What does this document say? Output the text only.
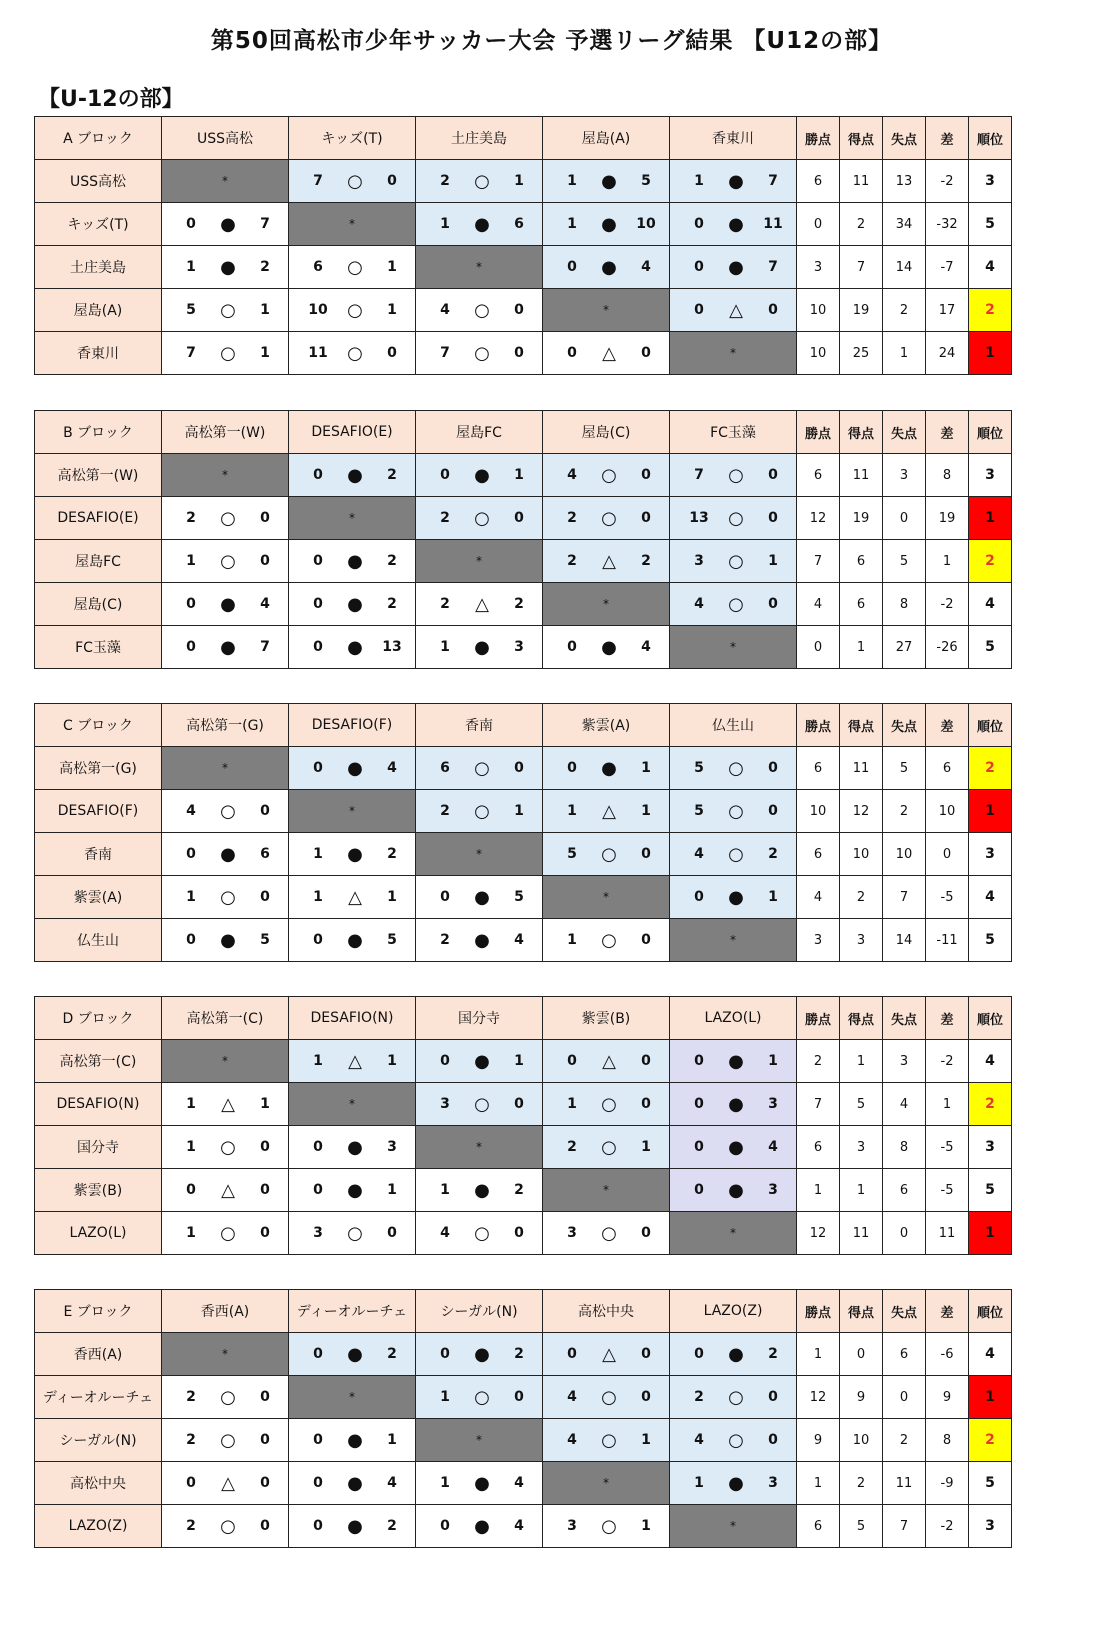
第50回高松市少年サッカー大会 予選リーグ結果 【U12の部】
【U-12の部】
A ブロック	USS高松	キッズ(T)	土庄美島	屋島(A)	香東川	勝点	得点	失点	差	順位
USS高松	*	7 ○ 0	2 ○ 1	1 ● 5	1 ● 7	6	11	13	-2	3
キッズ(T)	0 ● 7	*	1 ● 6	1 ● 10	0 ● 11	0	2	34	-32	5
土庄美島	1 ● 2	6 ○ 1	*	0 ● 4	0 ● 7	3	7	14	-7	4
屋島(A)	5 ○ 1	10 ○ 1	4 ○ 0	*	0 △ 0	10	19	2	17	2
香東川	7 ○ 1	11 ○ 0	7 ○ 0	0 △ 0	*	10	25	1	24	1
B ブロック	高松第一(W)	DESAFIO(E)	屋島FC	屋島(C)	FC玉藻	勝点	得点	失点	差	順位
高松第一(W)	*	0 ● 2	0 ● 1	4 ○ 0	7 ○ 0	6	11	3	8	3
DESAFIO(E)	2 ○ 0	*	2 ○ 0	2 ○ 0	13 ○ 0	12	19	0	19	1
屋島FC	1 ○ 0	0 ● 2	*	2 △ 2	3 ○ 1	7	6	5	1	2
屋島(C)	0 ● 4	0 ● 2	2 △ 2	*	4 ○ 0	4	6	8	-2	4
FC玉藻	0 ● 7	0 ● 13	1 ● 3	0 ● 4	*	0	1	27	-26	5
C ブロック	高松第一(G)	DESAFIO(F)	香南	紫雲(A)	仏生山	勝点	得点	失点	差	順位
高松第一(G)	*	0 ● 4	6 ○ 0	0 ● 1	5 ○ 0	6	11	5	6	2
DESAFIO(F)	4 ○ 0	*	2 ○ 1	1 △ 1	5 ○ 0	10	12	2	10	1
香南	0 ● 6	1 ● 2	*	5 ○ 0	4 ○ 2	6	10	10	0	3
紫雲(A)	1 ○ 0	1 △ 1	0 ● 5	*	0 ● 1	4	2	7	-5	4
仏生山	0 ● 5	0 ● 5	2 ● 4	1 ○ 0	*	3	3	14	-11	5
D ブロック	高松第一(C)	DESAFIO(N)	国分寺	紫雲(B)	LAZO(L)	勝点	得点	失点	差	順位
高松第一(C)	*	1 △ 1	0 ● 1	0 △ 0	0 ● 1	2	1	3	-2	4
DESAFIO(N)	1 △ 1	*	3 ○ 0	1 ○ 0	0 ● 3	7	5	4	1	2
国分寺	1 ○ 0	0 ● 3	*	2 ○ 1	0 ● 4	6	3	8	-5	3
紫雲(B)	0 △ 0	0 ● 1	1 ● 2	*	0 ● 3	1	1	6	-5	5
LAZO(L)	1 ○ 0	3 ○ 0	4 ○ 0	3 ○ 0	*	12	11	0	11	1
E ブロック	香西(A)	ディーオルーチェ	シーガル(N)	高松中央	LAZO(Z)	勝点	得点	失点	差	順位
香西(A)	*	0 ● 2	0 ● 2	0 △ 0	0 ● 2	1	0	6	-6	4
ディーオルーチェ	2 ○ 0	*	1 ○ 0	4 ○ 0	2 ○ 0	12	9	0	9	1
シーガル(N)	2 ○ 0	0 ● 1	*	4 ○ 1	4 ○ 0	9	10	2	8	2
高松中央	0 △ 0	0 ● 4	1 ● 4	*	1 ● 3	1	2	11	-9	5
LAZO(Z)	2 ○ 0	0 ● 2	0 ● 4	3 ○ 1	*	6	5	7	-2	3
